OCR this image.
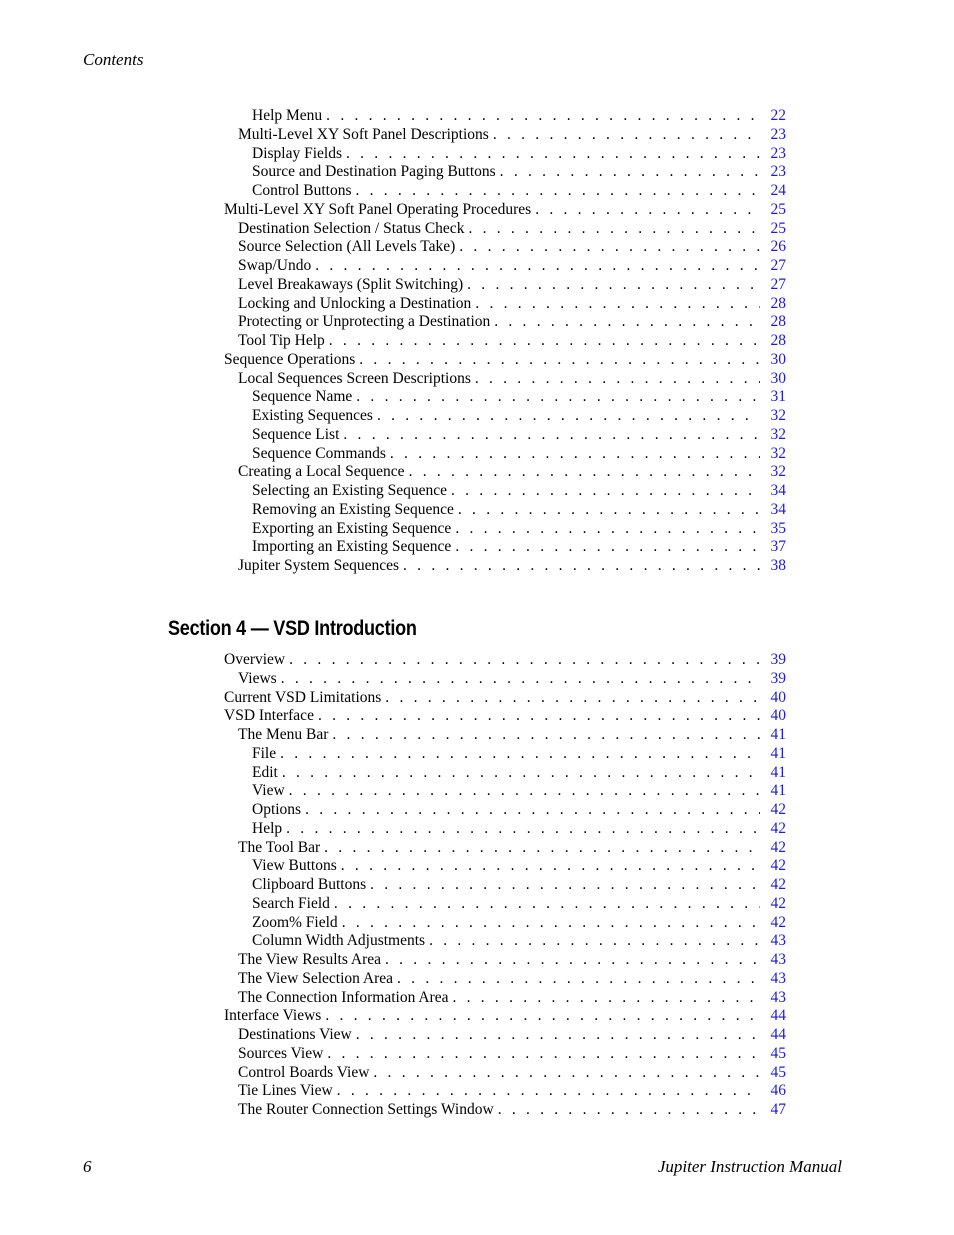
Contents
Help Menu . . .	22
Multi-Level XY Soft Panel Descriptions . . .	23
Display Fields . . .	23
Source and Destination Paging Buttons . . .	23
Control Buttons . . .	24
Multi-Level XY Soft Panel Operating Procedures . . .	25
Destination Selection / Status Check . . .	25
Source Selection (All Levels Take) . . .	26
Swap/Undo . . .	27
Level Breakaways (Split Switching) . . .	27
Locking and Unlocking a Destination . . .	28
Protecting or Unprotecting a Destination . . .	28
Tool Tip Help . . .	28
Sequence Operations . . .	30
Local Sequences Screen Descriptions . . .	30
Sequence Name . . .	31
Existing Sequences . . .	32
Sequence List . . .	32
Sequence Commands . . .	32
Creating a Local Sequence . . .	32
Selecting an Existing Sequence . . .	34
Removing an Existing Sequence . . .	34
Exporting an Existing Sequence . . .	35
Importing an Existing Sequence . . .	37
Jupiter System Sequences . . .	38
Section 4 — VSD Introduction
Overview . . .	39
Views . . .	39
Current VSD Limitations . . .	40
VSD Interface . . .	40
The Menu Bar . . .	41
File . . .	41
Edit . . .	41
View . . .	41
Options . . .	42
Help . . .	42
The Tool Bar . . .	42
View Buttons . . .	42
Clipboard Buttons . . .	42
Search Field . . .	42
Zoom% Field . . .	42
Column Width Adjustments . . .	43
The View Results Area . . .	43
The View Selection Area . . .	43
The Connection Information Area . . .	43
Interface Views . . .	44
Destinations View . . .	44
Sources View . . .	45
Control Boards View . . .	45
Tie Lines View . . .	46
The Router Connection Settings Window . . .	47
6	Jupiter Instruction Manual
